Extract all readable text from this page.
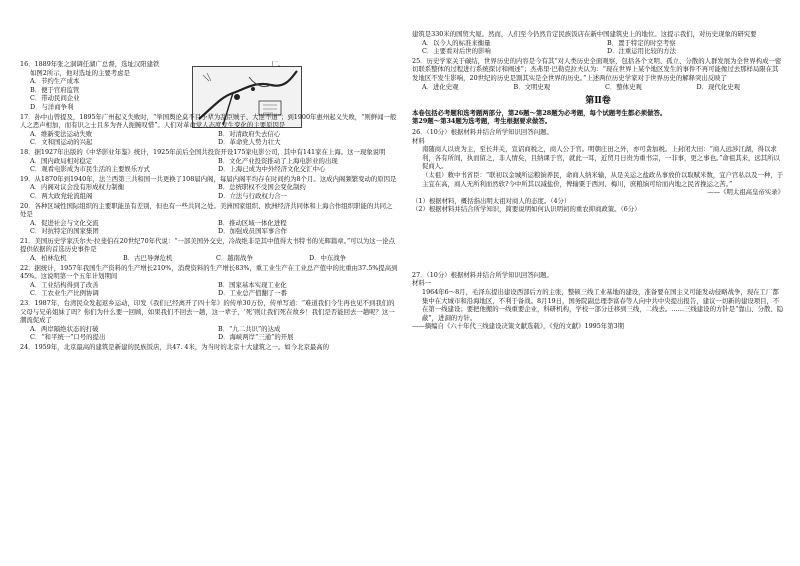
16．1889年张之洞调任湖广总督，选址汉阳建铁	厂。

如图2所示，他对选址的主要考虑是

A．节约生产成本

B．便于官府监管

C．带动民间企业

D．与洋商争利

17．孙中山曾提及，1895年广州起义失败时，“举国舆论莫不目予辈为乱臣贼子、大逆不道”；到1900年惠州起义失败，“则鲜闻一般人之恶声相加，而有识之士且多为吾人扼腕叹惜”。人们对革命党人态度发生变化的主要原因是

A．维新变法运动失败	B．对清政府失去信心

C．文和国运动的兴起	D．革命党人势力壮大

18．据1927年出版的《中华影业年鉴》统计，1925年前后全国共投资开设175家电影公司，其中有141家在上海。这一现象说明

A．国内政局相对稳定	B．文化产业投资推动了上海电影业的出现

C．观看电影成为市民生活的主要娱乐方式	D．上海已成为中外经济文化交汇中心

19．从1870年到1940年，法兰西第三共和国一共更换了108届内阁，每届内阁平均存在时间约为8个月。这成内阁频繁变动的原因是

A．内阁对议会没有形成权力制衡	B．总统职权不受国会变化制约

C．两大政党轮流组阁	D．立法与行政权力合一

20．各种区域性国际组织的主要职能虽有差别，但也有一些共同之处。美洲国家组织、欧洲经济共同体和上海合作组织职能的共同之处是

A．促进社会与文化交流	B．推动区域一体化进程

C．对抗特定的国家集团	D．加强成员国军事合作

21．美国历史学家沃尔夫·拉斐伯在20世纪70年代说：“一部美国外交史，冷战绝非是其中值得大书特书的光辉篇章。”可以为这一论点提供依据的首选历史事件是

A．柏林危机	B．古巴导弹危机	C．越南战争	D．中东战争

22．据统计，1957年我国生产资料的生产增长210%，消费资料的生产增长83%，重工业生产在工业总产值中的比重由37.5%提高到45%。这说明第一个五年计划期间

A．工业结构得到了改善	B．国家基本实现工业化

C．工农业生产比例协调	D．工业总产值翻了一番

23．1987年，台湾民众发起返乡运动，印发《我们已经离开了四十年》的传单30万份，传单写道：“难道我们今生再也见不到我们的父母与兄弟姐妹了吗？你们为什么要一回顾，如果我们不回去一趟，这一辈子，‘死’则让我们死在故乡！我们是否能回去一趟呢？这一潮流促成了

A．两岸隔绝状态的打破	B．“九二共识”的达成

C．“和平统一”口号的提出	D．海峡两岸“三通”的开展

24．1959年，北京最高的建筑是新建的民族饭店，共47. 4米，为当时的北京十大建筑之一。如今北京最高的

建筑是330米的国贸大厦。然而，人们至今仍然肯定民族饭店在新中国建筑史上的地位。这提示我们，对历史现象的研究要

A．以今人的标准来衡量	B．置于特定的时空考察

C．主要看对后世的影响	D．注重运用比较的方法

25．历史学家关于碳结，世界历史的内容是今有其“对人类历史全面观察，包括各个文明、孤立、分散的人群发展为全世界构成一密切联系整体的过程进行系统探讨和阐述”；杰弗里·巴勒克拉夫认为：“现在世界上某个地区发生的事件不再可能像过去那样局限在其发地区不发生影响，20世纪的历史是割其实是全世界的历史。”上述两位历史学家对于世界历史的解释突出反映了

A．进化史观	B．文明史观	C．整体史观	D．现代化史观

第Ⅱ卷

本卷包括必考题和选考题两部分，第26题～第28题为必考题，每个试题考生都必须做答。

第29题～第34题为选考题，考生根据要求做答。

26．（10分）根据材料并结合所学知识回答问题。

材料

南随商人以贵为主，至长井关，宣诏商税之，商人公于官。明朝庄田之外，亦可贪加税。上封闭大田：“商人远涉江湖，得以求利，各有所间，执而留之，非人情矣，且纳课于官，就此一耳，近贸月日贵为重书宗，一非事，更之事也。”命祖其来，远其所以促商人。

（太祖）敕中书省臣：“联初以金城所运粮饷养民，命商人纳米输，从是关运之盐政丛事放价以取赋米数，宜户官私以及一种，于主宜在高，商人无所利而然软?今中所其以减盐价，俾输粟于西河、梅川，庶粮饷可给而内地之民省挽运之苦。”

——《明太祖高皇帝实录》

（1）根据材料，概括指出明太祖对商人的态度。（4分）

（2）根据材料并结合所学知识，简要说明如何认识明初的重农抑商政策。（6分）

27．（10分）根据材料并结合所学知识回答问题。

材料一

1964年6～8月，毛泽东提出建设西部后方的主张，整顿三线工业基地的建设，准备要在国主义可能发动侵略战争，现在工厂都集中在大城市和沿海地区，不利于备战。8月19日，国务院副总理李富春等人向中共中央提出报告，建议一切新的建设项目，不在第一线建设；要把他搬的一线重要企业，科研机构，学校一部分迁移到三线，二线去。……三线建设的方针是“靠山、分散、隐蔽”，进洞的方针。

——摘编自《六十年代三线建设决策文献选载》，《党的文献》1995年第3期
